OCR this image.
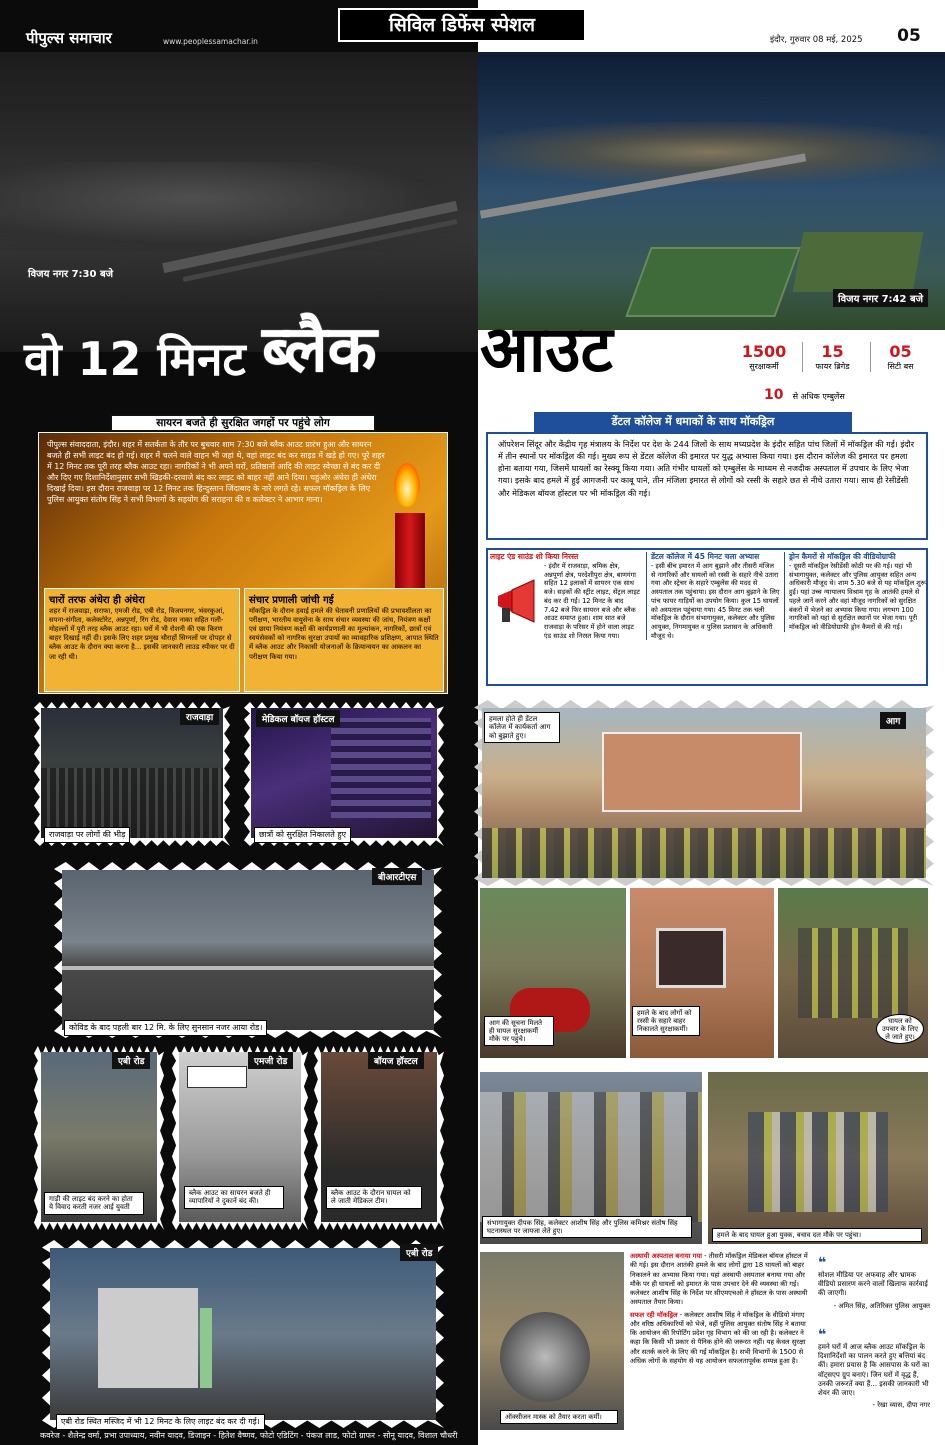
पीपुल्स समाचार	www.peoplessamachar.in
सिविल डिफेंस स्पेशल
इंदौर, गुरुवार 08 मई, 2025 05
विजय नगर 7:30 बजे
विजय नगर 7:42 बजे
वो 12 मिनट ब्लैक आउट	1500
सुरक्षाकर्मी
15
फायर ब्रिगेड
05
सिटी बस
10 से अधिक एम्बुलेंस
सायरन बजते ही सुरक्षित जगहों पर पहुंचे लोग
पीपुल्स संवाददाता, इंदौर। शहर में सतर्कता के तौर पर बुधवार शाम 7:30 बजे ब्लैक आउट प्रारंभ हुआ और सायरन बजते ही सभी लाइट बंद हो गई। शहर में चलने वाले वाहन भी जहां थे, वहां लाइट बंद कर साइड में खड़े हो गए। पूरे शहर में 12 मिनट तक पूरी तरह ब्लैक आउट रहा। नागरिकों ने भी अपने घरों, प्रतिष्ठानों आदि की लाइट स्वेच्छा से बंद कर दी और दिए गए दिशानिर्देशानुसार सभी खिड़की-दरवाजे बंद कर लाइट को बाहर नहीं आने दिया। चहुंओर अंधेरा ही अंधेरा दिखाई दिया। इस दौरान राजवाड़ा पर 12 मिनट तक हिन्दुस्तान जिंदाबाद के नारे लगते रहे। सफल मॉकड्रिल के लिए पुलिस आयुक्त संतोष सिंह ने सभी विभागों के सहयोग की सराहना की व कलेक्टर ने आभार माना।
चारों तरफ अंधेरा ही अंधेरा
शहर में राजवाड़ा, सराफा, एमजी रोड, एबी रोड, विजयनगर, भंवरकुआं, सपना-संगीता, कलेक्टोरेट, अन्नपूर्णा, रिंग रोड, देवास नाका सहित गली-मोहल्लों में पूरी तरह ब्लैक आउट रहा। घरों में भी रोशनी की एक किरण बाहर दिखाई नहीं दी। इसके लिए शहर प्रमुख चौराहों सिग्नलों पर दोपहर से ब्लैक आउट के दौरान क्या करना है... इसकी जानकारी लाउड स्पीकर पर दी जा रही थी।
संचार प्रणाली जांची गई
मॉकड्रिल के दौरान हवाई हमले की चेतावनी प्रणालियों की प्रभावशीलता का परीक्षण, भारतीय वायुसेना के साथ संचार व्यवस्था की जांच, नियंत्रण कक्षों एवं छाया नियंत्रण कक्षों की कार्यप्रणाली का मूल्यांकन, नागरिकों, छात्रों एवं स्वयंसेवकों को नागरिक सुरक्षा उपायों का व्यावहारिक प्रशिक्षण, आपात स्थिति में ब्लैक आउट और निकासी योजनाओं के क्रियान्वयन का आकलन का परीक्षण किया गया।
राजवाड़ा
राजवाड़ा पर लोगों की भीड़
मेडिकल बॉयज हॉस्टल
छात्रों को सुरक्षित निकालते हुए
बीआरटीएस
कोविड के बाद पहली बार 12 मि. के लिए सुनसान नजर आया रोड।
एबी रोड
गाड़ी की लाइट बंद करने का होता ये विवाद करती नजर आई युवती
एमजी रोड
ब्लैक आउट का सायरन बजते ही व्यापारियों ने दुकानें बंद की।
बॉयज हॉस्टल
ब्लैक आउट के दौरान घायल को ले जाती मेडिकल टीम।
एबी रोड
एबी रोड स्थित मस्जिद में भी 12 मिनट के लिए लाइट बंद कर दी गई।
कवरेज - शैलेन्द्र वर्मा, प्रभा उपाध्याय, नवीन यादव, डिजाइन - हितेश वैष्णव, फोटो एडिटिंग - पंकज लाड, फोटो ग्राफर - सोनू यादव, विशाल चौधरी
डेंटल कॉलेज में धमाकों के साथ मॉकड्रिल
ऑपरेशन सिंदूर और केंद्रीय गृह मंत्रालय के निर्देश पर देश के 244 जिलों के साथ मध्यप्रदेश के इंदौर सहित पांच जिलों में मॉकड्रिल की गई। इंदौर में तीन स्थानों पर मॉकड्रिल की गई। मुख्य रूप से डेंटल कॉलेज की इमारत पर युद्ध अभ्यास किया गया। इस दौरान कॉलेज की इमारत पर हमला होना बताया गया, जिसमें घायलों का रेस्क्यू किया गया। अति गंभीर घायलों को एम्बुलेंस के माध्यम से नजदीक अस्पताल में उपचार के लिए भेजा गया। इसके बाद हमले में हुई आगजनी पर काबू पाने, तीन मंजिला इमारत से लोगों को रस्सी के सहारे छत से नीचे उतारा गया। साथ ही रेसीडेंसी और मेडिकल बॉयज हॉस्टल पर भी मॉकड्रिल की गई।
लाइट एंड साउंड शो किया निरस्त
- इंदौर में राजवाड़ा, श्रमिक क्षेत्र, अन्नपूर्णा क्षेत्र, परदेशीपुरा क्षेत्र, बाणगंगा सहित 12 इलाकों में सायरन एक साथ बजे। सड़कों की स्ट्रीट लाइट, सेंट्रल लाइट बंद कर दी गईं। 12 मिनट के बाद 7.42 बजे फिर सायरन बजे और ब्लैक आउट समाप्त हुआ। शाम सात बजे राजवाड़ा के परिसर में होने वाला लाइट एंड साउंड शो निरस्त किया गया।
डेंटल कॉलेज में 45 मिनट चला अभ्यास
- इसी बीच इमारत में आग बुझाने और तीसरी मंजिल से नागरिकों और घायलों को रस्सी के सहारे नीचे उतारा गया और स्ट्रेचर के सहारे एम्बुलेंस की मदद से अस्पताल तक पहुंचाया। इस दौरान आग बुझाने के लिए पांच फायर गाड़ियों का उपयोग किया। कुल 15 घायलों को अस्पताल पहुंचाया गया। 45 मिनट तक चली मॉकड्रिल के दौरान संभागायुक्त, कलेक्टर और पुलिस आयुक्त, निगमायुक्त व पुलिस प्रशासन के अधिकारी मौजूद थे।
ड्रोन कैमरों से मॉकड्रिल की वीडियोग्राफी
- दूसरी मॉकड्रिल रेसीडेंसी कोठी पर की गई। यहां भी संभागायुक्त, कलेक्टर और पुलिस आयुक्त सहित अन्य अधिकारी मौजूद थे। शाम 5.30 बजे से यह मॉकड्रिल शुरू हुई। यहां उच्च न्यायालय विश्राम गृह के आतंकी हमले से पहले जानें करने और वहां मौजूद नागरिकों को सुरक्षित बंकरों में भेजने का अभ्यास किया गया। लगभग 100 नागरिकों को यहां से सुरक्षित स्थानों पर भेजा गया। पूरी मॉकड्रिल को वीडियोग्राफी ड्रोन कैमरों से की गई।
आग
हमला होते ही डेंटल कॉलेज में कार्यकर्ता आग को बुझाते हुए।
आग की सूचना मिलते ही घायल सुरक्षाकर्मी मौके पर पहुंचे।
हमले के बाद लोगों को रस्सी के सहारे बाहर निकालते सुरक्षाकर्मी।
घायल को उपचार के लिए ले जाते हुए।
संभागायुक्त दीपक सिंह, कलेक्टर आशीष सिंह और पुलिस कमिश्नर संतोष सिंह घटनास्थल पर जायजा लेते हुए।	हमले के बाद घायल हुआ युवक, बचाव दल मौके पर पहुंचा।
ऑक्सीजन मास्क को तैयार करता कर्मी।
अस्थायी अस्पताल बनाया गया - तीसरी मॉकड्रिल मेडिकल बॉयज हॉस्टल में की गई। इस दौरान आतंकी हमले के बाद लोगों द्वारा 18 घायलों को बाहर निकालने का अभ्यास किया गया। यहां अस्थायी अस्पताल बनाया गया और मौके पर ही घायलों को इमारत के पास उपचार देने की व्यवस्था की गई। कलेक्टर आशीष सिंह के निर्देश पर सीएमएचओ ने हॉस्टल के पास अस्थायी अस्पताल तैयार किया।
सफल रही मॉकड्रिल - कलेक्टर आशीष सिंह ने मॉकड्रिल के वीडियो मंगाए और वरिष्ठ अधिकारियों को भेजे, वहीं पुलिस आयुक्त संतोष सिंह ने बताया कि आयोजन की रिपोर्टिंग प्रदेश गृह विभाग को की जा रही है। कलेक्टर ने कहा कि किसी भी प्रकार से पैनिक होने की जरूरत नहीं। यह केवल सुरक्षा और सतर्क करने के लिए की गई मॉकड्रिल है। सभी विभागों के 1500 से अधिक लोगों के सहयोग से यह आयोजन सफलतापूर्वक सम्पन्न हुआ है।
❝
सोशल मीडिया पर अफवाह और भ्रामक वीडियो प्रसारण करने वालों खिलाफ कार्रवाई की जाएगी।
- अमित सिंह, अतिरिक्त पुलिस आयुक्त
❝
हमने घरों में आज ब्लैक आउट मॉकड्रिल के दिशानिर्देशों का पालन करते हुए बत्तियां बंद कीं। हमारा प्रयास है कि आसपास के घरों का वॉट्सएप ग्रुप बनाएं। जिन घरों में वृद्ध हैं, उनकी जरूरतें क्या हैं... इसकी जानकारी भी शेयर की जाए।
- रेखा व्यास, दीपा नगर
